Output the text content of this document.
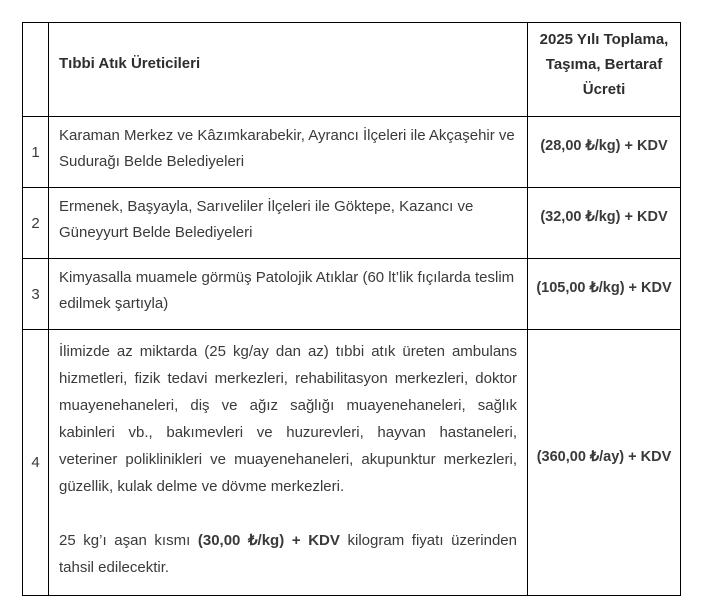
	Tıbbi Atık Üreticileri	2025 Yılı Toplama, Taşıma, Bertaraf Ücreti
1	Karaman Merkez ve Kâzımkarabekir, Ayrancı İlçeleri ile Akçaşehir ve Sudurağı Belde Belediyeleri	(28,00 ₺/kg) + KDV
2	Ermenek, Başyayla, Sarıveliler İlçeleri ile Göktepe, Kazancı ve Güneyyurt Belde Belediyeleri	(32,00 ₺/kg) + KDV
3	Kimyasalla muamele görmüş Patolojik Atıklar (60 lt’lik fıçılarda teslim edilmek şartıyla)	(105,00 ₺/kg) + KDV
4	İlimizde az miktarda (25 kg/ay dan az) tıbbi atık üreten ambulans hizmetleri, fizik tedavi merkezleri, rehabilitasyon merkezleri, doktor muayenehaneleri, diş ve ağız sağlığı muayenehaneleri, sağlık kabinleri vb., bakımevleri ve huzurevleri, hayvan hastaneleri, veteriner poliklinikleri ve muayenehaneleri, akupunktur merkezleri, güzellik, kulak delme ve dövme merkezleri.

25 kg’ı aşan kısmı (30,00 ₺/kg) + KDV kilogram fiyatı üzerinden tahsil edilecektir.	(360,00 ₺/ay) + KDV
